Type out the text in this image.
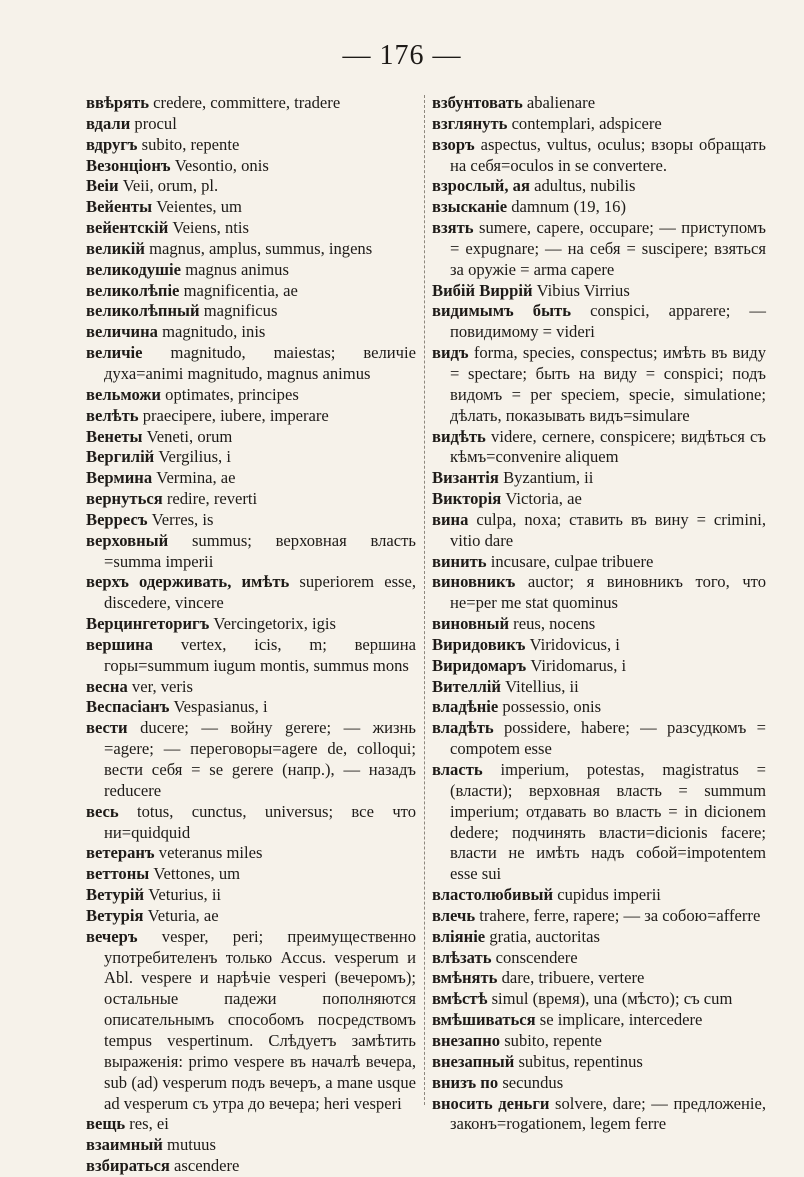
— 176 —
ввѣрять credere, committere, tradere
вдали procul
вдругъ subito, repente
Везонціонъ Vesontio, onis
Веіи Veii, orum, pl.
Вейенты Veientes, um
вейентскій Veiens, ntis
великій magnus, amplus, summus, ingens
великодушіе magnus animus
великолѣпіе magnificentia, ae
великолѣпный magnificus
величина magnitudo, inis
величіе magnitudo, maiestas; величіе духа=animi magnitudo, magnus animus
вельможи optimates, principes
велѣть praecipere, iubere, imperare
Венеты Veneti, orum
Вергилій Vergilius, i
Вермина Vermina, ae
вернуться redire, reverti
Верресъ Verres, is
верховный summus; верховная власть =summa imperii
верхъ одерживать, имѣть superiorem esse, discedere, vincere
Верцингеторигъ Vercingetorix, igis
вершина vertex, icis, m; вершина горы=summum iugum montis, summus mons
весна ver, veris
Веспасіанъ Vespasianus, i
вести ducere; — войну gerere; — жизнь =agere; — переговоры=agere de, colloqui; вести себя = se gerere (напр.), — назадъ reducere
весь totus, cunctus, universus; все что ни=quidquid
ветеранъ veteranus miles
веттоны Vettones, um
Ветурій Veturius, ii
Ветурія Veturia, ae
вечеръ vesper, peri; преимущественно употребителенъ только Accus. vesperum и Abl. vespere и нарѣчіе vesperi (вечеромъ); остальные падежи пополняются описательнымъ способомъ посредствомъ tempus vespertinum. Слѣдуетъ замѣтить выраженія: primo vespere въ началѣ вечера, sub (ad) vesperum подъ вечеръ, a mane usque ad vesperum съ утра до вечера; heri vesperi
вещь res, ei
взаимный mutuus
взбираться ascendere
взбунтовать abalienare
взглянуть contemplari, adspicere
взоръ aspectus, vultus, oculus; взоры обращать на себя=oculos in se convertere.
взрослый, ая adultus, nubilis
взысканіе damnum (19, 16)
взять sumere, capere, occupare; — приступомъ = expugnare; — на себя = suscipere; взяться за оружіе = arma capere
Вибій Виррій Vibius Virrius
видимымъ быть conspici, apparere; — повидимому = videri
видъ forma, species, conspectus; имѣть въ виду = spectare; быть на виду = conspici; подъ видомъ = per speciem, specie, simulatione; дѣлать, показывать видъ=simulare
видѣть videre, cernere, conspicere; видѣться съ кѣмъ=convenire aliquem
Византія Byzantium, ii
Викторія Victoria, ae
вина culpa, noxa; ставить въ вину = crimini, vitio dare
винить incusare, culpae tribuere
виновникъ auctor; я виновникъ того, что не=per me stat quominus
виновный reus, nocens
Виридовикъ Viridovicus, i
Виридомаръ Viridomarus, i
Вителлій Vitellius, ii
владѣніе possessio, onis
владѣть possidere, habere; — разсудкомъ = compotem esse
власть imperium, potestas, magistratus = (власти); верховная власть = summum imperium; отдавать во власть = in dicionem dedere; подчинять власти=dicionis facere; власти не имѣть надъ собой=impotentem esse sui
властолюбивый cupidus imperii
влечь trahere, ferre, rapere; — за собою=afferre
вліяніе gratia, auctoritas
влѣзать conscendere
вмѣнять dare, tribuere, vertere
вмѣстѣ simul (время), una (мѣсто); съ cum
вмѣшиваться se implicare, intercedere
внезапно subito, repente
внезапный subitus, repentinus
внизъ по secundus
вносить деньги solvere, dare; — предложеніе, законъ=rogationem, legem ferre
